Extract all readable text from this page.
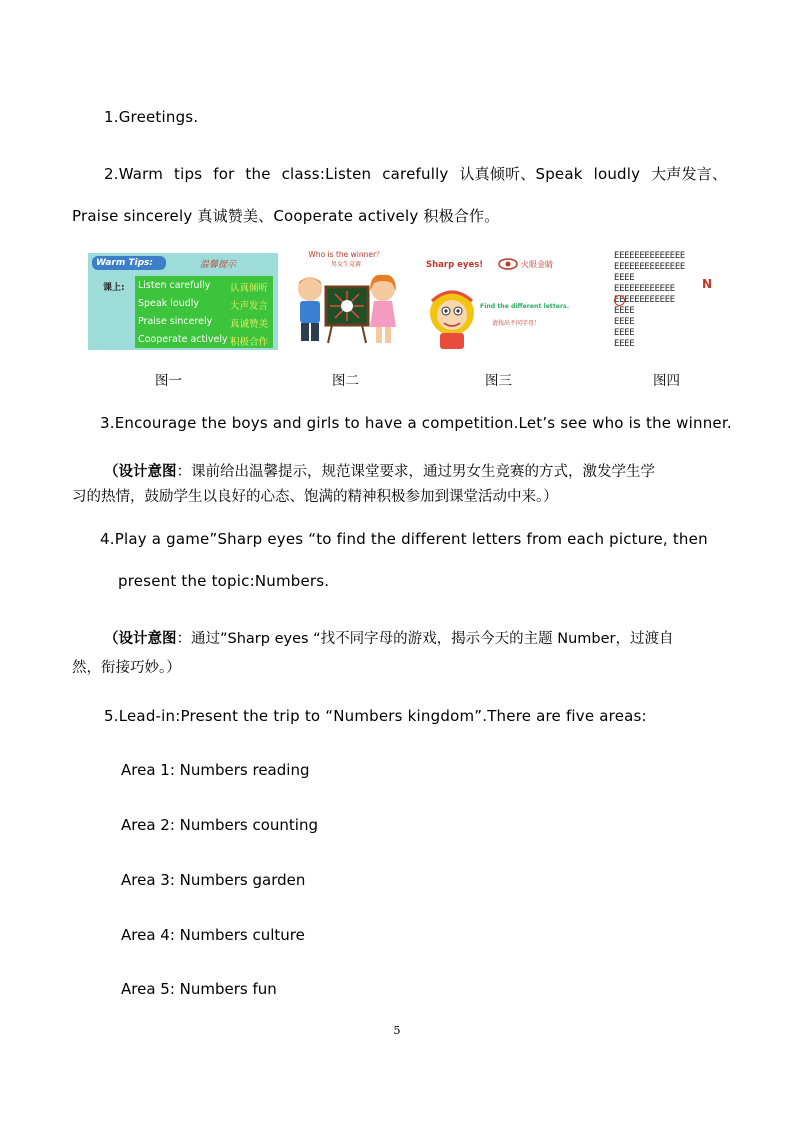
1.Greetings.
2.Warm tips for the class:Listen carefully 认真倾听、Speak loudly 大声发言、
Praise sincerely 真诚赞美、Cooperate actively 积极合作。
Warm Tips:	温馨提示
课上: Listen carefully 认真倾听
Speak loudly	大声发言
Praise sincerely 真诚赞美
Cooperate actively 积极合作
Who is the winner？
男女生竞赛	Sharp eyes!	火眼金睛
Find the different letters.
请找出不同字母！
EEEEEEEEEEEEEE
EEEEEEEEEEEEEE
EEEE
EEEEEEEEEEEE
EEEEEEEEEEEE
EEEE
EEEE
EEEE
EEEE
N
图一	图二	图三	图四
3.Encourage the boys and girls to have a competition.Let’s see who is the winner.
（设计意图：课前给出温馨提示，规范课堂要求，通过男女生竞赛的方式，激发学生学
习的热情，鼓励学生以良好的心态、饱满的精神积极参加到课堂活动中来。）
4.Play a game”Sharp eyes “to find the different letters from each picture, then
present the topic:Numbers.
（设计意图：通过”Sharp eyes “找不同字母的游戏，揭示今天的主题 Number，过渡自
然，衔接巧妙。）
5.Lead-in:Present the trip to “Numbers kingdom”.There are five areas:
Area 1: Numbers reading
Area 2: Numbers counting
Area 3: Numbers garden
Area 4: Numbers culture
Area 5: Numbers fun
5
